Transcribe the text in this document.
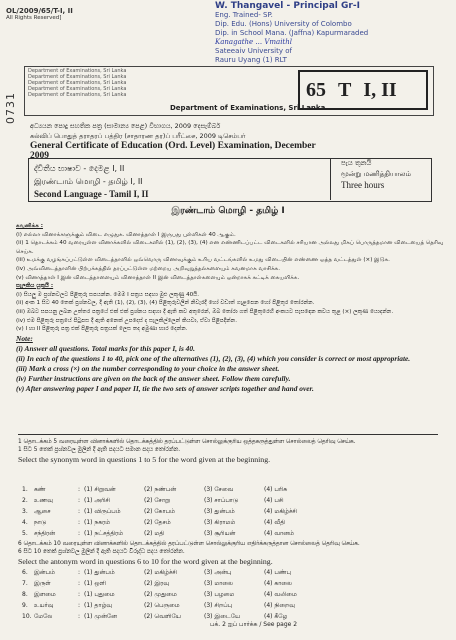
W. Thangavel - Principal Gr-I
Eng. Trained- SP.
Dip. Edu. (Hons) University of Colombo
Dip. in School Mana. (Jaffna) Kapurmaraded
Kanagathe ... Vmaithl
Sateeaiv University of
Rauru Uyang (1) RLT
OL/2009/65/T-I, II
All Rights Reserved]
0731
Department of Examinations, Sri Lanka
Department of Examinations, Sri Lanka
Department of Examinations, Sri Lanka
Department of Examinations, Sri Lanka
Department of Examinations, Sri Lanka
Department of Examinations, Sri Lanka
65 T I, II
අධ්‍යයන පොදු සහතික පත්‍ර (සාමාන්‍ය පෙළ) විභාගය, 2009 දෙසැම්බර්
கல்விப் பொதுத் தராதரப் பத்திர (சாதாரண தர)ப் பரீட்சை, 2009 டிசெம்பர்
General Certificate of Education (Ord. Level) Examination, December 2009
ද්විතීය භාෂාව - දෙමළ I, II
இரண்டாம் மொழி - தமிழ் I, II
Second Language - Tamil I, II
පැය තුනයි
மூன்று மணித்தியாலம்
Three hours
இரண்டாம் மொழி - தமிழ் I
கவனிக்க :
(i) எல்லா வினாக்களுக்கும் விடை எழுதுக. வினாத்தாள் I இருபது புள்ளிகள் 40 ஆகும்.
(ii) 1 தொடக்கம் 40 வரையுள்ள வினாக்களில் விடைகளில் (1), (2), (3), (4) என எண்ணிடப்பட்ட விடைகளில் சரியான அல்லது மிகப் பொருத்தமான விடையைத் தெரிவு செய்க.
(iii) உமக்கு வழங்கப்பட்டுள்ள விடைத்தாளில் ஒவ்வொரு வினாவுக்கும் உரிய வட்டங்களில் உமது விடையின் எண்ணை ஒத்த வட்டத்துள் (×) இடுக.
(iv) அவ்விடைத்தாளின் பிற்பக்கத்தில் தரப்பட்டுள்ள மற்றைய அறிவுறுத்தல்களையும் கவனமாக வாசிக்க.
(v) வினாத்தாள் I இன் விடைத்தாளையும் வினாத்தாள் II இன் விடைத்தாள்களையும் ஒன்றாகக் கட்டிக் கையளிக்க.
සැලකිය යුතුයි :
(i) සියලු ම ප්‍රශ්නවලට පිළිතුරු සපයන්න. මෙම I පත්‍රය සඳහා මුළු ලකුණු 40යි.
(ii) අංක 1 සිට 40 තෙක් ප්‍රශ්නවල, දී ඇති (1), (2), (3), (4) පිළිතුරුවලින් නිවැරදි හෝ වඩාත් ගැළපෙන හෝ පිළිතුර තෝරන්න.
(iii) ඔබට සපයනු ලබන උත්තර පත්‍රයේ එක් එක් ප්‍රශ්නය සඳහා දී ඇති කව අතුරෙන්, ඔබ තෝරා ගත් පිළිතුරෙහි අංකයට සැසඳෙන කවය තුළ (×) ලකුණ යොදන්න.
(iv) එම පිළිතුරු පත්‍රයේ පිටුපස දී ඇති අනෙක් උපදෙස් ද සැලකිල්ලෙන් කියවා, ඒවා පිළිපදින්න.
(v) I හා II පිළිතුරු පත්‍ර එක් පිළිතුරු පත්‍රයක් ලෙස තද අමුණා භාර දෙන්න.
Note:
(i) Answer all questions. Total marks for this paper I, is 40.
(ii) In each of the questions 1 to 40, pick one of the alternatives (1), (2), (3), (4) which you consider is correct or most appropriate.
(iii) Mark a cross (×) on the number corresponding to your choice in the answer sheet.
(iv) Further instructions are given on the back of the answer sheet. Follow them carefully.
(v) After answering paper I and paper II, tie the two sets of answer scripts together and hand over.
1 தொடக்கம் 5 வரையுள்ள வினாக்களில் தொடக்கத்தில் தரப்பட்டுள்ள சொல்லுக்குரிய ஒத்தகருத்துள்ள சொல்லைத் தெரிவு செய்க.
1 සිට 5 තෙක් ප්‍රශ්නවල මුලින් දී ඇති පදයට සමාන පදය තෝරන්න.
Select the synonym word in questions 1 to 5 for the word given at the beginning.
1.	கண்	: (1) சிறுவன்	(2) நண்பன்	(3) சேவை	(4) பரிசு
2.	உணவு	: (1) அரிசி	(2) சோறு	(3) சாப்பாடு	(4) பசி
3.	ஆசை	: (1) விருப்பம்	(2) கோபம்	(3) துன்பம்	(4) மகிழ்ச்சி
4.	நாடு	: (1) நகரம்	(2) தேசம்	(3) கிராமம்	(4) வீதி
5.	சந்திரன்	: (1) நட்சத்திரம்	(2) மதி	(3) சூரியன்	(4) வானம்
6 தொடக்கம் 10 வரையுள்ள வினாக்களில் தொடக்கத்தில் தரப்பட்டுள்ள சொல்லுக்குரிய எதிர்க்கருத்தான சொல்லைத் தெரிவு செய்க.
6 සිට 10 තෙක් ප්‍රශ්නවල මුලින් දී ඇති පදයට විරුද්ධ පදය තෝරන්න.
Select the antonym word in questions 6 to 10 for the word given at the beginning.
6.	இன்பம்	: (1) துன்பம்	(2) மகிழ்ச்சி	(3) அன்பு	(4) பண்பு
7.	இருள்	: (1) ஒளி	(2) இரவு	(3) மாலை	(4) காலை
8.	இளமை	: (1) புதுமை	(2) முதுமை	(3) பழமை	(4) வலிமை
9.	உயர்வு	: (1) தாழ்வு	(2) பெருமை	(3) சிறப்பு	(4) நிறைவு
10. மேலே	: (1) முன்னே	(2) வெளியே	(3) இடையே	(4) கீழே
பக். 2 ஐப் பார்க்க / See page 2
